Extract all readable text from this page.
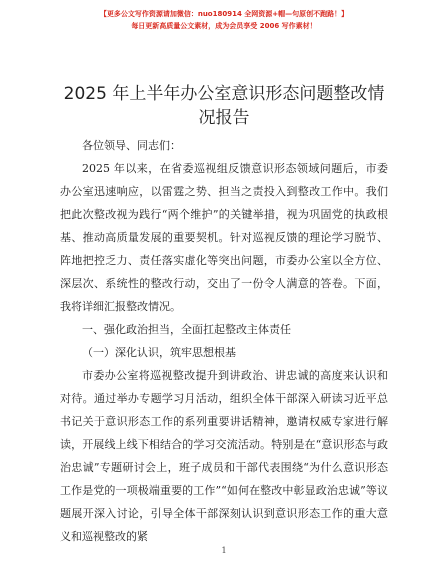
【更多公文写作资源请加微信：nuo180914 全网资源+帽—句原创不跑路！】
每日更新高质量公文素材，成为会员享受 2006 写作素材！
2025 年上半年办公室意识形态问题整改情况报告

各位领导、同志们：

2025 年以来，在省委巡视组反馈意识形态领域问题后，市委办公室迅速响应，以雷霆之势、担当之责投入到整改工作中。我们把此次整改视为践行“两个维护”的关键举措，视为巩固党的执政根基、推动高质量发展的重要契机。针对巡视反馈的理论学习脱节、阵地把控乏力、责任落实虚化等突出问题，市委办公室以全方位、深层次、系统性的整改行动，交出了一份令人满意的答卷。下面，我将详细汇报整改情况。

一、强化政治担当，全面扛起整改主体责任

（一）深化认识，筑牢思想根基

市委办公室将巡视整改提升到讲政治、讲忠诚的高度来认识和对待。通过举办专题学习月活动，组织全体干部深入研读习近平总书记关于意识形态工作的系列重要讲话精神，邀请权威专家进行解读，开展线上线下相结合的学习交流活动。特别是在“意识形态与政治忠诚”专题研讨会上，班子成员和干部代表围绕“为什么意识形态工作是党的一项极端重要的工作”“如何在整改中彰显政治忠诚”等议题展开深入讨论，引导全体干部深刻认识到意识形态工作的重大意义和巡视整改的紧

1
